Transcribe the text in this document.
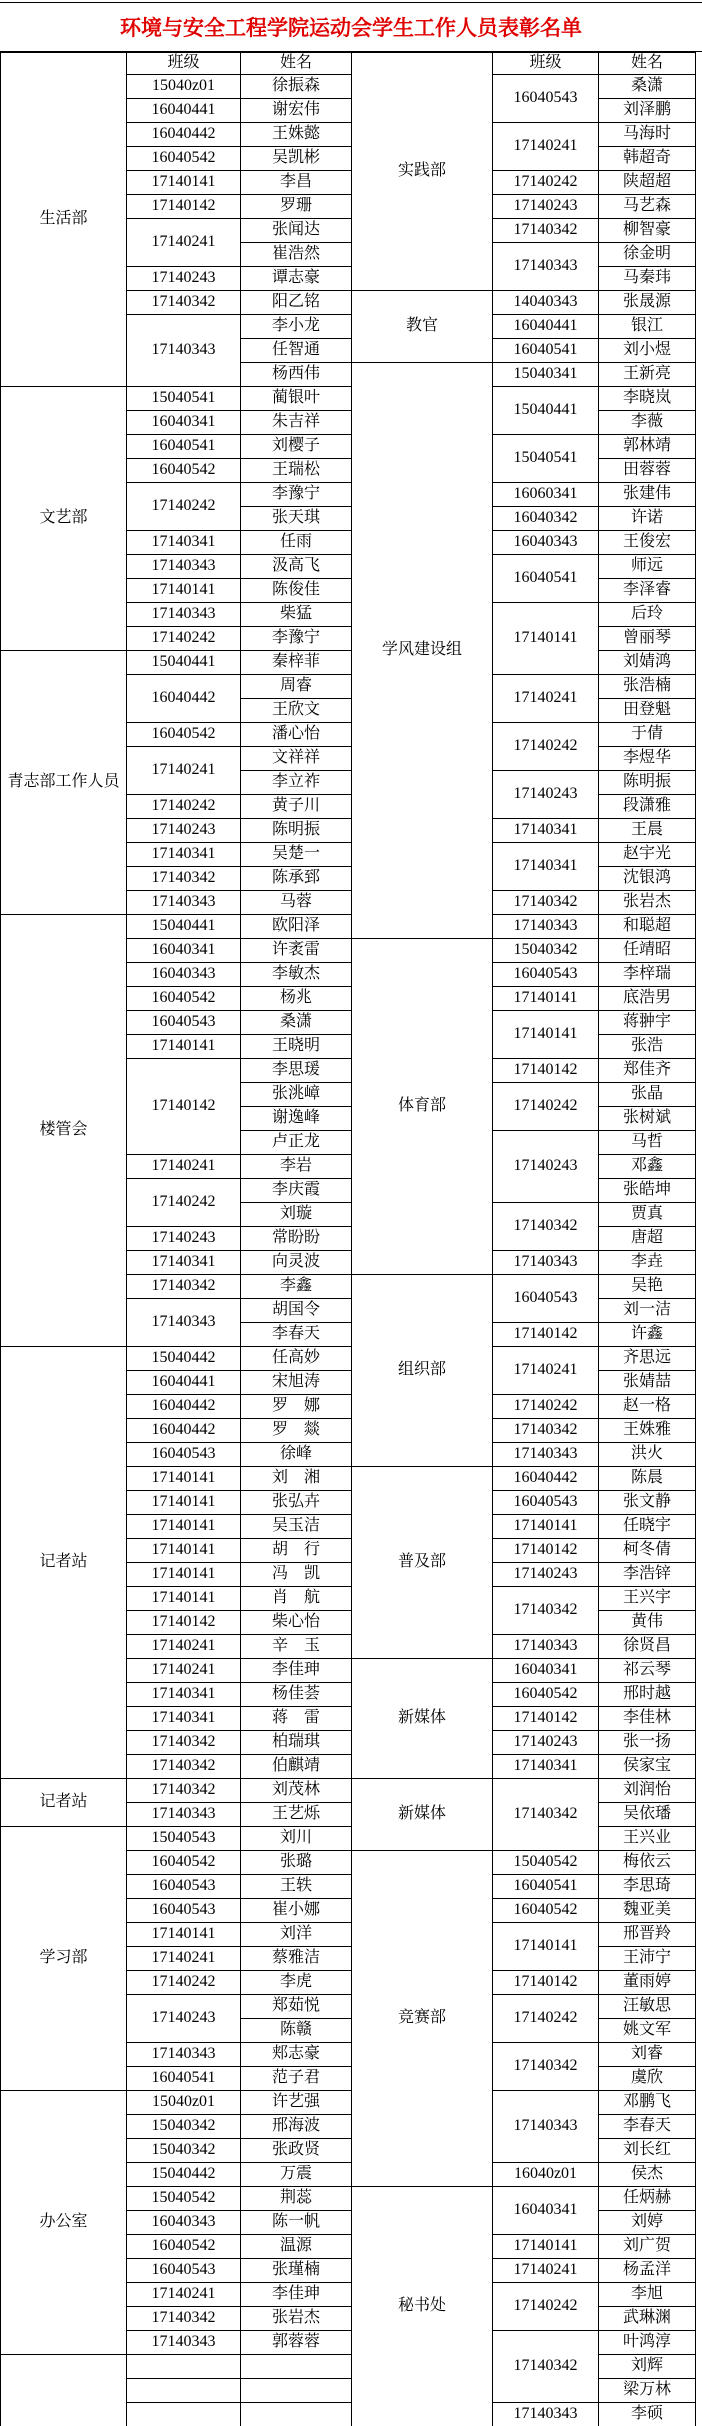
环境与安全工程学院运动会学生工作人员表彰名单
生活部	班级	姓名	实践部	班级	姓名
	15040z01	徐振森		16040543	桑潇
	16040441	谢宏伟			刘泽鹏
	16040442	王姝懿		17140241	马海时
	16040542	吴凯彬			韩超奇
	17140141	李昌		17140242	陕超超
	17140142	罗珊		17140243	马艺森
	17140241	张闻达		17140342	柳智豪
		崔浩然		17140343	徐金明
	17140243	谭志豪			马秦玮
	17140342	阳乙铭	教官	14040343	张晟源
	17140343	李小龙		16040441	银江
		任智通		16040541	刘小煜
		杨西伟	学风建设组	15040341	王新亮
文艺部	15040541	蔺银叶		15040441	李晓岚
	16040341	朱吉祥			李薇
	16040541	刘樱子		15040541	郭林靖
	16040542	王瑞松			田蓉蓉
	17140242	李豫宁		16060341	张建伟
		张天琪		16040342	许诺
	17140341	任雨		16040343	王俊宏
	17140343	汲高飞		16040541	师远
	17140141	陈俊佳			李泽睿
	17140343	柴猛		17140141	后玲
	17140242	李豫宁			曾丽琴
青志部工作人员	15040441	秦梓菲			刘婧鸿
	16040442	周睿		17140241	张浩楠
		王欣文			田登魁
	16040542	潘心怡		17140242	于倩
	17140241	文祥祥			李煜华
		李立祚		17140243	陈明振
	17140242	黄子川			段潇雅
	17140243	陈明振		17140341	王晨
	17140341	吴楚一		17140341	赵宇光
	17140342	陈承郅			沈银鸿
	17140343	马蓉		17140342	张岩杰
楼管会	15040441	欧阳泽		17140343	和聪超
	16040341	许袤雷	体育部	15040342	任靖昭
	16040343	李敏杰		16040543	李梓瑞
	16040542	杨兆		17140141	底浩男
	16040543	桑潇		17140141	蒋翀宇
	17140141	王晓明			张浩
	17140142	李思瑗		17140142	郑佳齐
		张洮嶂		17140242	张晶
		谢逸峰			张树斌
		卢正龙		17140243	马哲
	17140241	李岩			邓鑫
	17140242	李庆霞			张皓坤
		刘璇		17140342	贾真
	17140243	常盼盼			唐超
	17140341	向灵波		17140343	李垚
	17140342	李鑫	组织部	16040543	吴艳
	17140343	胡国令			刘一洁
		李春天		17140142	许鑫
记者站	15040442	任高妙		17140241	齐思远
	16040441	宋旭涛			张婧喆
	16040442	罗　娜		17140242	赵一格
	16040442	罗　燚		17140342	王姝雅
	16040543	徐峰		17140343	洪火
	17140141	刘　湘	普及部	16040442	陈晨
	17140141	张弘卉		16040543	张文静
	17140141	吴玉洁		17140141	任晓宇
	17140141	胡　行		17140142	柯冬倩
	17140141	冯　凯		17140243	李浩锌
	17140141	肖　航		17140342	王兴宇
	17140142	柴心怡			黄伟
	17140241	辛　玉		17140343	徐贤昌
	17140241	李佳珅	新媒体	16040341	祁云琴
	17140341	杨佳荟		16040542	邢时越
	17140341	蒋　雷		17140142	李佳林
	17140342	柏瑞琪		17140243	张一扬
	17140342	伯麒靖		17140341	侯家宝
记者站	17140342	刘茂林	新媒体	17140342	刘润怡
	17140343	王艺烁			吴依璠
学习部	15040543	刘川			王兴业
	16040542	张璐	竞赛部	15040542	梅依云
	16040543	王轶		16040541	李思琦
	16040543	崔小娜		16040542	魏亚美
	17140141	刘洋		17140141	邢晋羚
	17140241	蔡雅洁			王沛宁
	17140242	李虎		17140142	董雨婷
	17140243	郑茹悦		17140242	汪敏思
		陈赣			姚文军
	17140343	郏志豪		17140342	刘睿
	16040541	范子君			虞欣
办公室	15040z01	许艺强		17140343	邓鹏飞
	15040342	邢海波			李春天
	15040342	张政贤			刘长红
	15040442	万震		16040z01	侯杰
	15040542	荆蕊	秘书处	16040341	任炳赫
	16040343	陈一帆			刘婷
	16040542	温源		17140141	刘广贺
	16040543	张瑾楠		17140241	杨孟洋
	17140241	李佳珅		17140242	李旭
	17140342	张岩杰			武琳渊
	17140343	郭蓉蓉		17140342	叶鸿淳
					刘辉
					梁万林
				17140343	李硕
